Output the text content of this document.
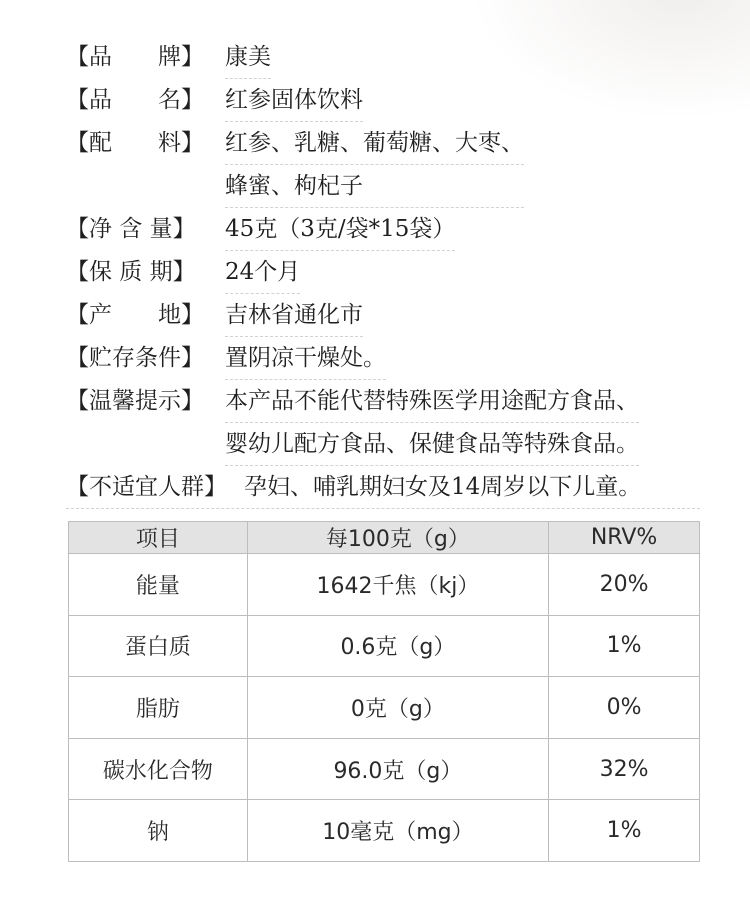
【品　　牌】 康美
【品　　名】 红参固体饮料
【配　　料】 红参、乳糖、葡萄糖、大枣、
蜂蜜、枸杞子
【净 含 量】 45克（3克/袋*15袋）
【保 质 期】 24个月
【产　　地】 吉林省通化市
【贮存条件】 置阴凉干燥处。
【温馨提示】 本产品不能代替特殊医学用途配方食品、
婴幼儿配方食品、保健食品等特殊食品。
【不适宜人群】 孕妇、哺乳期妇女及14周岁以下儿童。
项目	每100克（g）	NRV%
能量	1642千焦（kj）	20%
蛋白质	0.6克（g）	1%
脂肪	0克（g）	0%
碳水化合物	96.0克（g）	32%
钠	10毫克（mg）	1%
